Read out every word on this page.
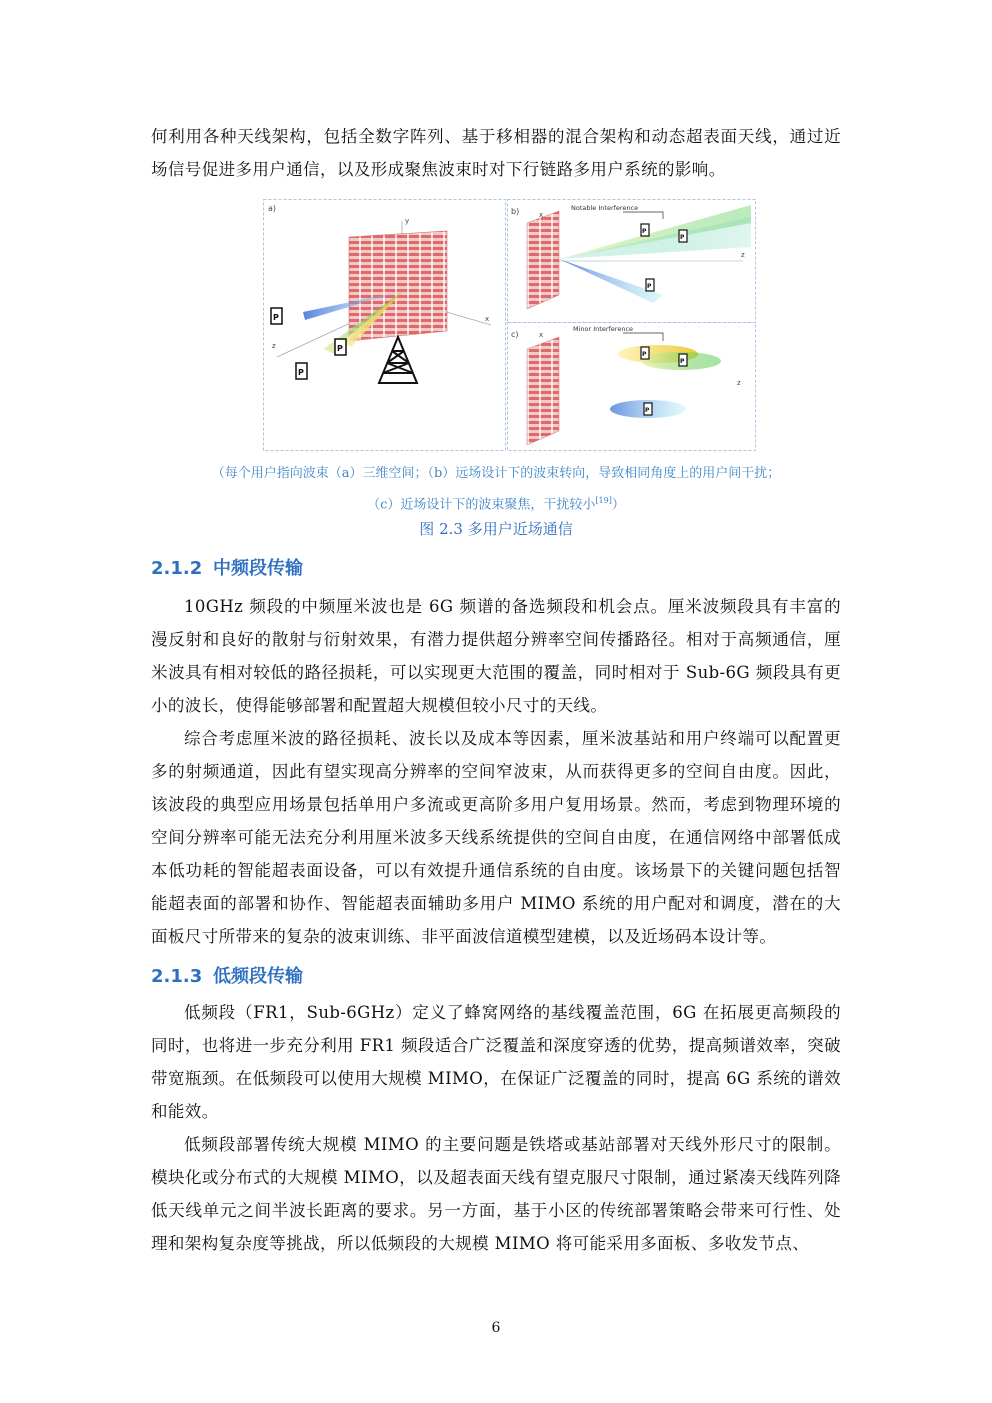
何利用各种天线架构，包括全数字阵列、基于移相器的混合架构和动态超表面天线，通过近场信号促进多用户通信，以及形成聚焦波束时对下行链路多用户系统的影响。

a)
y
x
z
P
P
P
b)	x
z
Notable Interference
P
P
P
c)	x
z
Minor Interference
P
P
P

（每个用户指向波束（a）三维空间；（b）远场设计下的波束转向，导致相同角度上的用户间干扰；

（c）近场设计下的波束聚焦，干扰较小[19]）

图 2.3 多用户近场通信

2.1.2 中频段传输

10GHz 频段的中频厘米波也是 6G 频谱的备选频段和机会点。厘米波频段具有丰富的漫反射和良好的散射与衍射效果，有潜力提供超分辨率空间传播路径。相对于高频通信，厘米波具有相对较低的路径损耗，可以实现更大范围的覆盖，同时相对于 Sub-6G 频段具有更小的波长，使得能够部署和配置超大规模但较小尺寸的天线。

综合考虑厘米波的路径损耗、波长以及成本等因素，厘米波基站和用户终端可以配置更多的射频通道，因此有望实现高分辨率的空间窄波束，从而获得更多的空间自由度。因此，该波段的典型应用场景包括单用户多流或更高阶多用户复用场景。然而，考虑到物理环境的空间分辨率可能无法充分利用厘米波多天线系统提供的空间自由度，在通信网络中部署低成本低功耗的智能超表面设备，可以有效提升通信系统的自由度。该场景下的关键问题包括智能超表面的部署和协作、智能超表面辅助多用户 MIMO 系统的用户配对和调度，潜在的大面板尺寸所带来的复杂的波束训练、非平面波信道模型建模，以及近场码本设计等。

2.1.3 低频段传输

低频段（FR1，Sub-6GHz）定义了蜂窝网络的基线覆盖范围，6G 在拓展更高频段的同时，也将进一步充分利用 FR1 频段适合广泛覆盖和深度穿透的优势，提高频谱效率，突破带宽瓶颈。在低频段可以使用大规模 MIMO，在保证广泛覆盖的同时，提高 6G 系统的谱效和能效。

低频段部署传统大规模 MIMO 的主要问题是铁塔或基站部署对天线外形尺寸的限制。模块化或分布式的大规模 MIMO，以及超表面天线有望克服尺寸限制，通过紧凑天线阵列降低天线单元之间半波长距离的要求。另一方面，基于小区的传统部署策略会带来可行性、处理和架构复杂度等挑战，所以低频段的大规模 MIMO 将可能采用多面板、多收发节点、

6
